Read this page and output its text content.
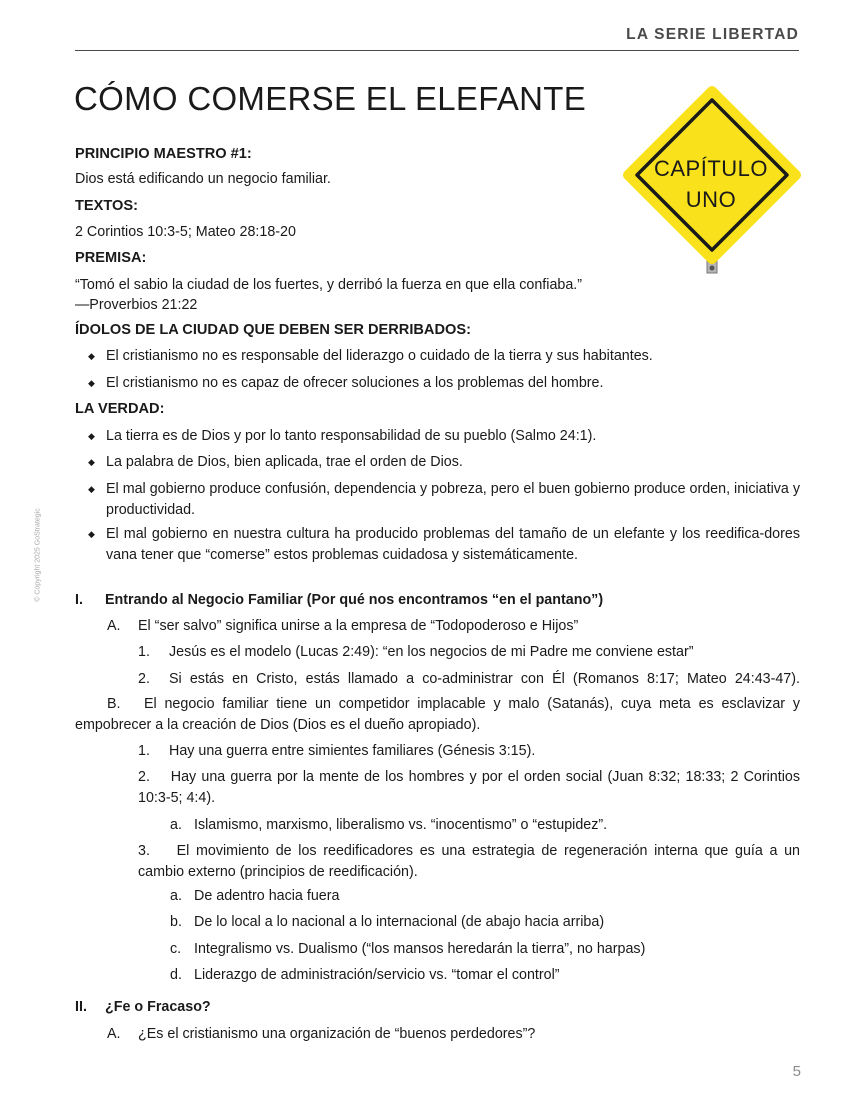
LA SERIE LIBERTAD
CÓMO COMERSE EL ELEFANTE
CAPÍTULO
UNO
© Copyright 2025 GoStrategic
PRINCIPIO MAESTRO #1:
Dios está edificando un negocio familiar.
TEXTOS:
2 Corintios 10:3-5; Mateo 28:18-20
PREMISA:
“Tomó el sabio la ciudad de los fuertes, y derribó la fuerza en que ella confiaba.”
—Proverbios 21:22
ÍDOLOS DE LA CIUDAD QUE DEBEN SER DERRIBADOS:
◆ El cristianismo no es responsable del liderazgo o cuidado de la tierra y sus habitantes.
◆ El cristianismo no es capaz de ofrecer soluciones a los problemas del hombre.
LA VERDAD:
◆ La tierra es de Dios y por lo tanto responsabilidad de su pueblo (Salmo 24:1).
◆ La palabra de Dios, bien aplicada, trae el orden de Dios.
◆ El mal gobierno produce confusión, dependencia y pobreza, pero el buen gobierno produce orden, iniciativa y productividad.
◆ El mal gobierno en nuestra cultura ha producido problemas del tamaño de un elefante y los reedifica-dores vana tener que “comerse” estos problemas cuidadosa y sistemáticamente.
I. Entrando al Negocio Familiar (Por qué nos encontramos “en el pantano”)
A. El “ser salvo” significa unirse a la empresa de “Todopoderoso e Hijos”
1. Jesús es el modelo (Lucas 2:49): “en los negocios de mi Padre me conviene estar”
2. Si estás en Cristo, estás llamado a co-administrar con Él (Romanos 8:17; Mateo 24:43-47).
B. El negocio familiar tiene un competidor implacable y malo (Satanás), cuya meta es esclavizar y empobrecer a la creación de Dios (Dios es el dueño apropiado).
1. Hay una guerra entre simientes familiares (Génesis 3:15).
2. Hay una guerra por la mente de los hombres y por el orden social (Juan 8:32; 18:33; 2 Corintios 10:3-5; 4:4).
a. Islamismo, marxismo, liberalismo vs. “inocentismo” o “estupidez”.
3. El movimiento de los reedificadores es una estrategia de regeneración interna que guía a un cambio externo (principios de reedificación).
a. De adentro hacia fuera
b. De lo local a lo nacional a lo internacional (de abajo hacia arriba)
c. Integralismo vs. Dualismo (“los mansos heredarán la tierra”, no harpas)
d. Liderazgo de administración/servicio vs. “tomar el control”
II. ¿Fe o Fracaso?
A. ¿Es el cristianismo una organización de “buenos perdedores”?
5
